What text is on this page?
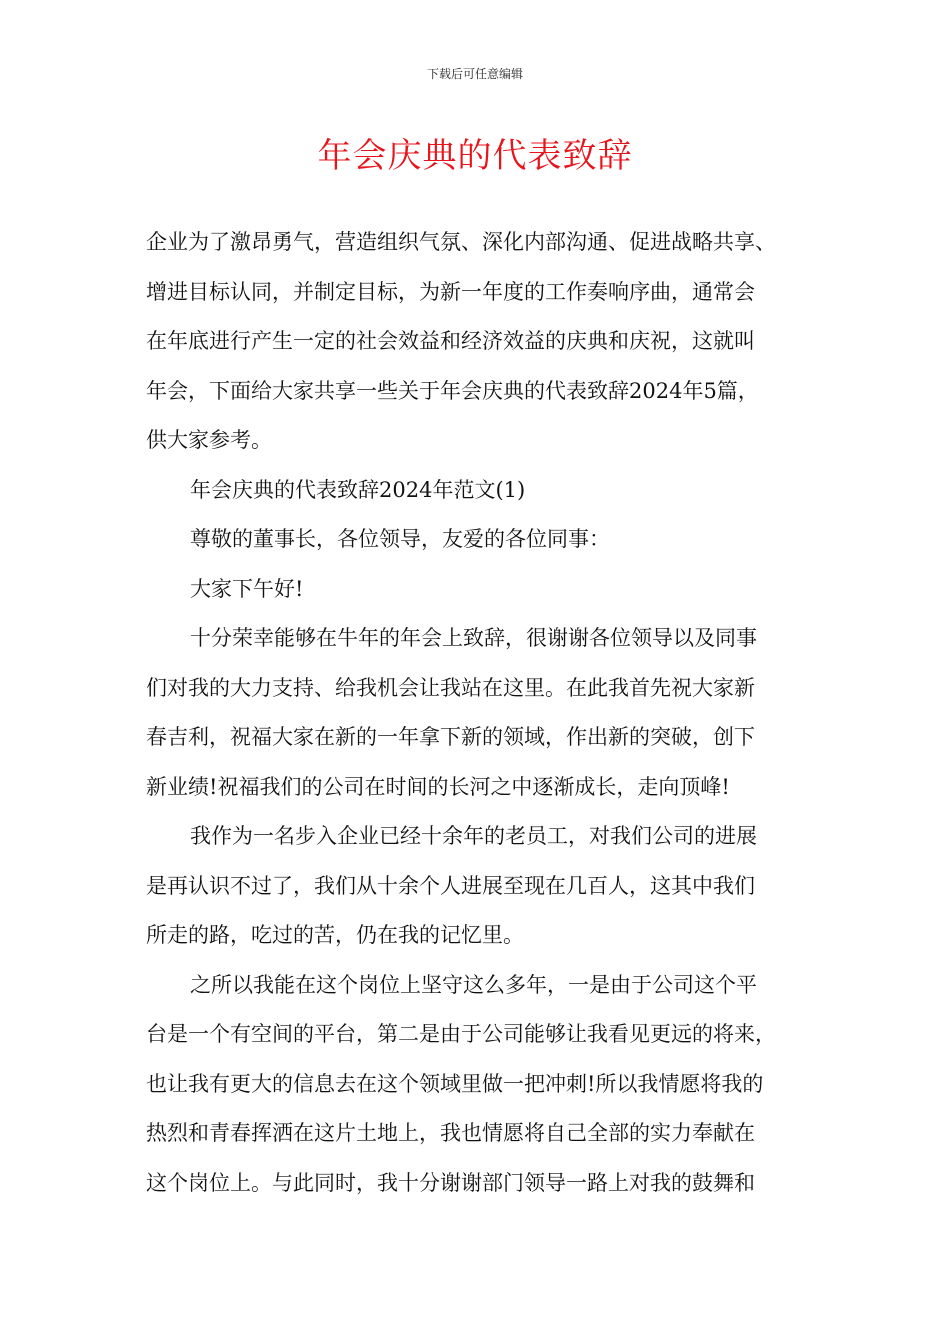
下载后可任意编辑
年会庆典的代表致辞
企业为了激昂勇气，营造组织气氛、深化内部沟通、促进战略共享、
增进目标认同，并制定目标，为新一年度的工作奏响序曲，通常会
在年底进行产生一定的社会效益和经济效益的庆典和庆祝，这就叫
年会，下面给大家共享一些关于年会庆典的代表致辞2024年5篇，
供大家参考。
年会庆典的代表致辞2024年范文(1)
尊敬的董事长，各位领导，友爱的各位同事：
大家下午好!
十分荣幸能够在牛年的年会上致辞，很谢谢各位领导以及同事
们对我的大力支持、给我机会让我站在这里。在此我首先祝大家新
春吉利，祝福大家在新的一年拿下新的领域，作出新的突破，创下
新业绩!祝福我们的公司在时间的长河之中逐渐成长，走向顶峰!
我作为一名步入企业已经十余年的老员工，对我们公司的进展
是再认识不过了，我们从十余个人进展至现在几百人，这其中我们
所走的路，吃过的苦，仍在我的记忆里。
之所以我能在这个岗位上坚守这么多年，一是由于公司这个平
台是一个有空间的平台，第二是由于公司能够让我看见更远的将来，
也让我有更大的信息去在这个领域里做一把冲刺!所以我情愿将我的
热烈和青春挥洒在这片土地上，我也情愿将自己全部的实力奉献在
这个岗位上。与此同时，我十分谢谢部门领导一路上对我的鼓舞和
